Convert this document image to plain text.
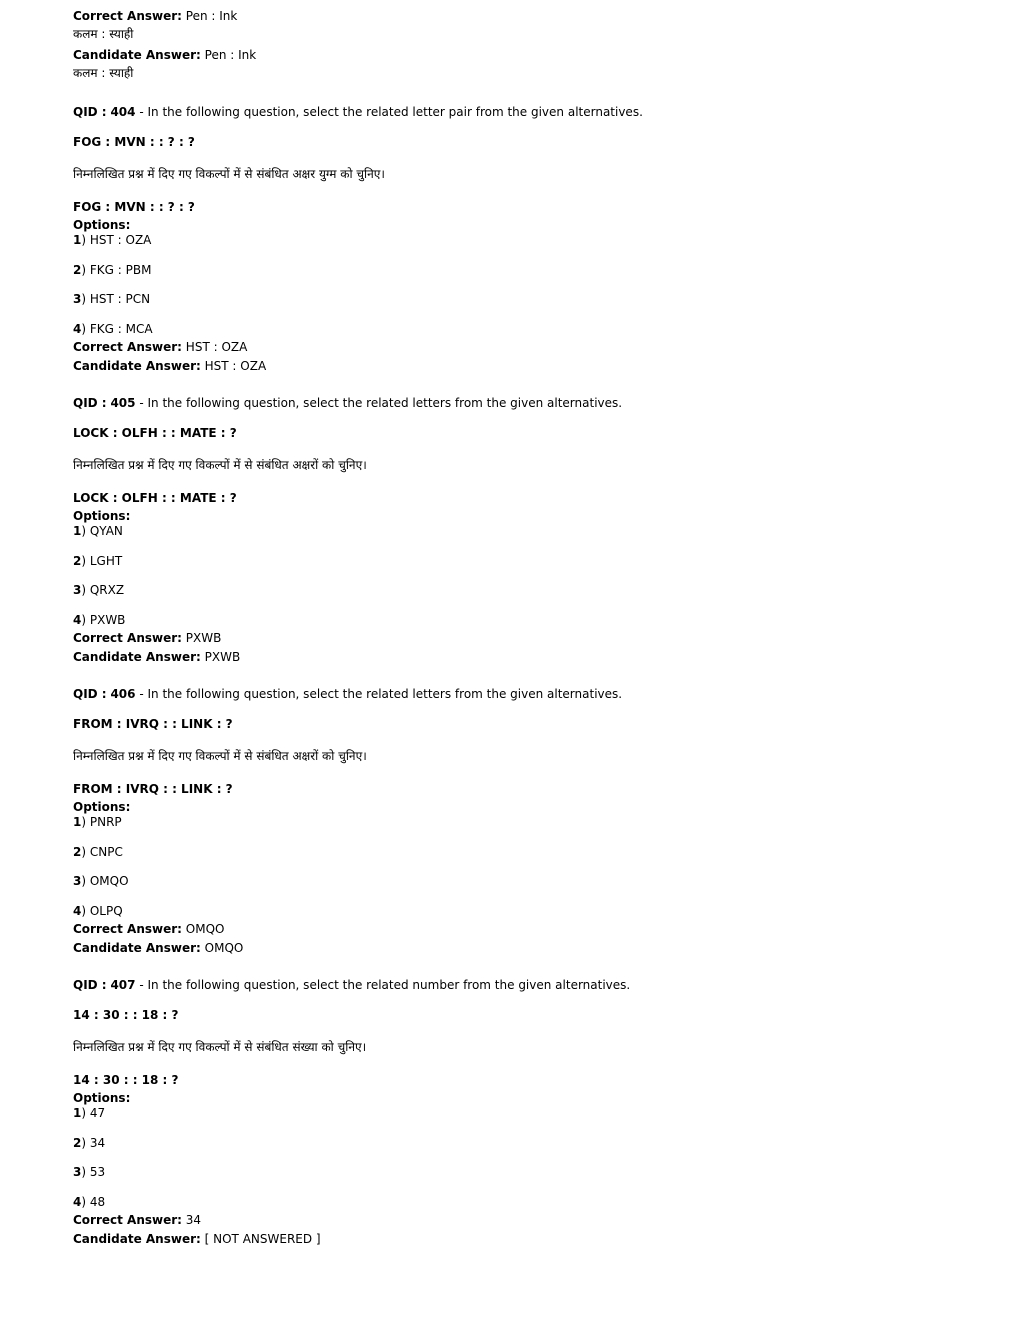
Correct Answer: Pen : Ink
कलम : स्याही
Candidate Answer: Pen : Ink
कलम : स्याही
QID : 404 - In the following question, select the related letter pair from the given alternatives.
FOG : MVN : : ? : ?
निम्नलिखित प्रश्न में दिए गए विकल्पों में से संबंधित अक्षर युग्म को चुनिए।
FOG : MVN : : ? : ?
Options:
1) HST : OZA
2) FKG : PBM
3) HST : PCN
4) FKG : MCA
Correct Answer: HST : OZA
Candidate Answer: HST : OZA
QID : 405 - In the following question, select the related letters from the given alternatives.
LOCK : OLFH : : MATE : ?
निम्नलिखित प्रश्न में दिए गए विकल्पों में से संबंधित अक्षरों को चुनिए।
LOCK : OLFH : : MATE : ?
Options:
1) QYAN
2) LGHT
3) QRXZ
4) PXWB
Correct Answer: PXWB
Candidate Answer: PXWB
QID : 406 - In the following question, select the related letters from the given alternatives.
FROM : IVRQ : : LINK : ?
निम्नलिखित प्रश्न में दिए गए विकल्पों में से संबंधित अक्षरों को चुनिए।
FROM : IVRQ : : LINK : ?
Options:
1) PNRP
2) CNPC
3) OMQO
4) OLPQ
Correct Answer: OMQO
Candidate Answer: OMQO
QID : 407 - In the following question, select the related number from the given alternatives.
14 : 30 : : 18 : ?
निम्नलिखित प्रश्न में दिए गए विकल्पों में से संबंधित संख्या को चुनिए।
14 : 30 : : 18 : ?
Options:
1) 47
2) 34
3) 53
4) 48
Correct Answer: 34
Candidate Answer: [ NOT ANSWERED ]
